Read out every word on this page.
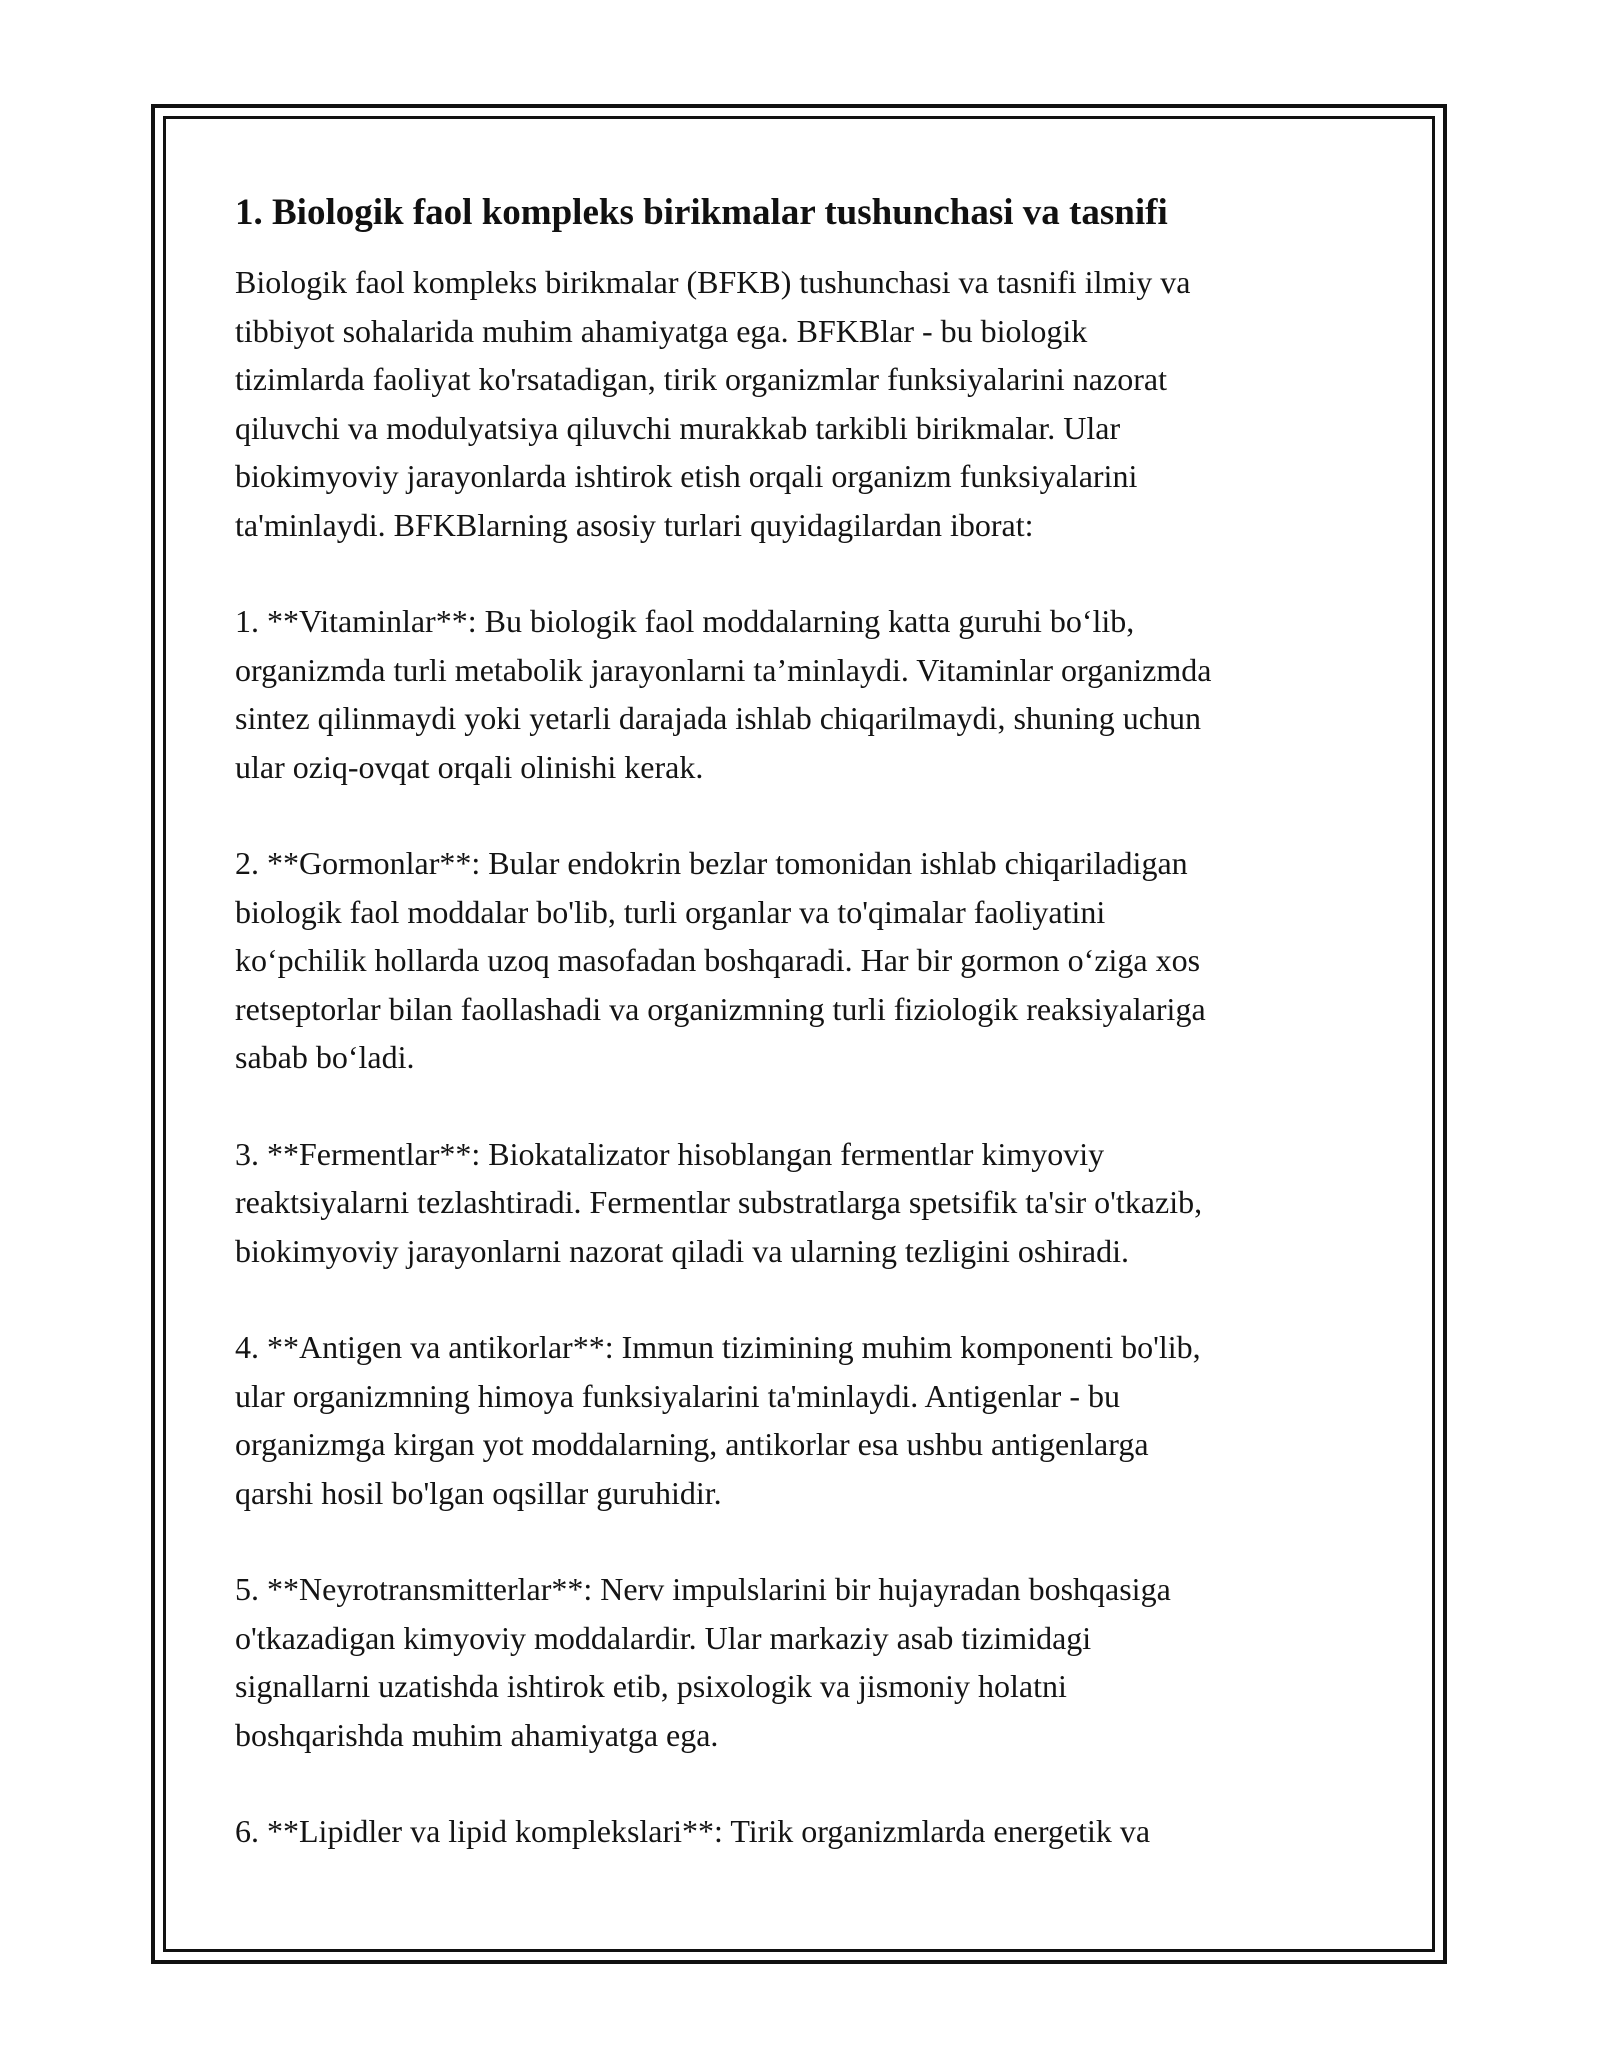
1. Biologik faol kompleks birikmalar tushunchasi va tasnifi

Biologik faol kompleks birikmalar (BFKB) tushunchasi va tasnifi ilmiy va
tibbiyot sohalarida muhim ahamiyatga ega. BFKBlar - bu biologik
tizimlarda faoliyat ko'rsatadigan, tirik organizmlar funksiyalarini nazorat
qiluvchi va modulyatsiya qiluvchi murakkab tarkibli birikmalar. Ular
biokimyoviy jarayonlarda ishtirok etish orqali organizm funksiyalarini
ta'minlaydi. BFKBlarning asosiy turlari quyidagilardan iborat:

1. **Vitaminlar**: Bu biologik faol moddalarning katta guruhi bo‘lib,
organizmda turli metabolik jarayonlarni ta’minlaydi. Vitaminlar organizmda
sintez qilinmaydi yoki yetarli darajada ishlab chiqarilmaydi, shuning uchun
ular oziq-ovqat orqali olinishi kerak.

2. **Gormonlar**: Bular endokrin bezlar tomonidan ishlab chiqariladigan
biologik faol moddalar bo'lib, turli organlar va to'qimalar faoliyatini
ko‘pchilik hollarda uzoq masofadan boshqaradi. Har bir gormon o‘ziga xos
retseptorlar bilan faollashadi va organizmning turli fiziologik reaksiyalariga
sabab bo‘ladi.

3. **Fermentlar**: Biokatalizator hisoblangan fermentlar kimyoviy
reaktsiyalarni tezlashtiradi. Fermentlar substratlarga spetsifik ta'sir o'tkazib,
biokimyoviy jarayonlarni nazorat qiladi va ularning tezligini oshiradi.

4. **Antigen va antikorlar**: Immun tizimining muhim komponenti bo'lib,
ular organizmning himoya funksiyalarini ta'minlaydi. Antigenlar - bu
organizmga kirgan yot moddalarning, antikorlar esa ushbu antigenlarga
qarshi hosil bo'lgan oqsillar guruhidir.

5. **Neyrotransmitterlar**: Nerv impulslarini bir hujayradan boshqasiga
o'tkazadigan kimyoviy moddalardir. Ular markaziy asab tizimidagi
signallarni uzatishda ishtirok etib, psixologik va jismoniy holatni
boshqarishda muhim ahamiyatga ega.

6. **Lipidler va lipid komplekslari**: Tirik organizmlarda energetik va
